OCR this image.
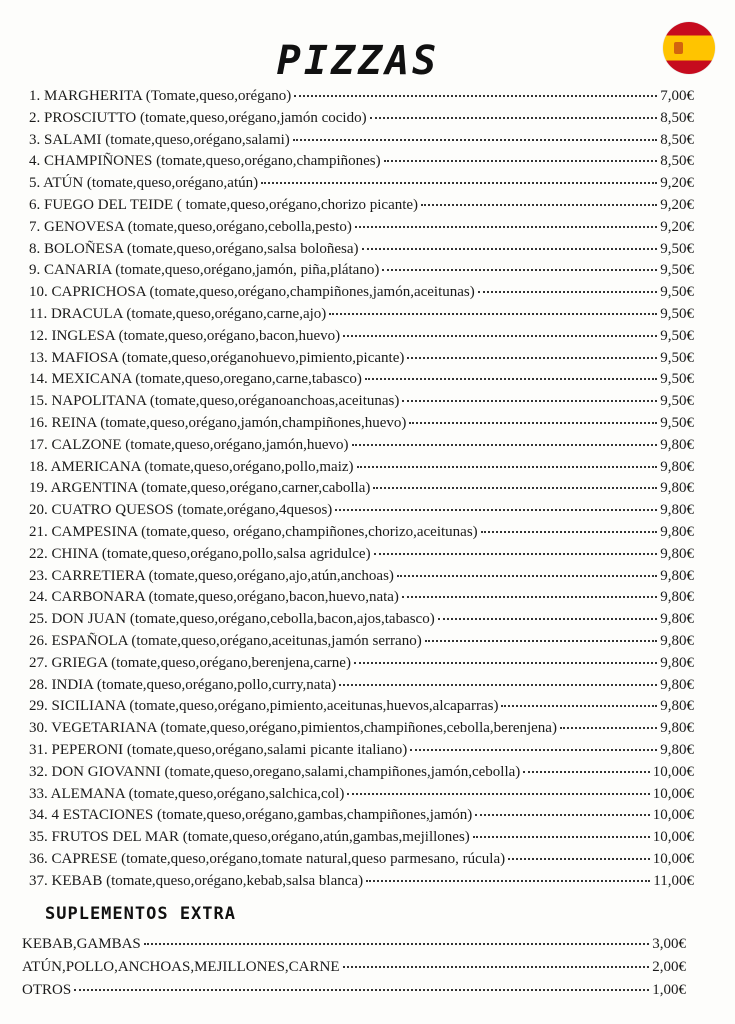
PIZZAS
1. MARGHERITA (Tomate,queso,orégano)	7,00€
2. PROSCIUTTO (tomate,queso,orégano,jamón cocido)	8,50€
3. SALAMI (tomate,queso,orégano,salami)	8,50€
4. CHAMPIÑONES (tomate,queso,orégano,champiñones)	8,50€
5. ATÚN (tomate,queso,orégano,atún)	9,20€
6. FUEGO DEL TEIDE ( tomate,queso,orégano,chorizo picante)	9,20€
7. GENOVESA (tomate,queso,orégano,cebolla,pesto)	9,20€
8. BOLOÑESA (tomate,queso,orégano,salsa boloñesa)	9,50€
9. CANARIA (tomate,queso,orégano,jamón, piña,plátano)	9,50€
10. CAPRICHOSA (tomate,queso,orégano,champiñones,jamón,aceitunas)	9,50€
11. DRACULA (tomate,queso,orégano,carne,ajo)	9,50€
12. INGLESA (tomate,queso,orégano,bacon,huevo)	9,50€
13. MAFIOSA (tomate,queso,oréganohuevo,pimiento,picante)	9,50€
14. MEXICANA (tomate,queso,oregano,carne,tabasco)	9,50€
15. NAPOLITANA (tomate,queso,oréganoanchoas,aceitunas)	9,50€
16. REINA (tomate,queso,orégano,jamón,champiñones,huevo)	9,50€
17. CALZONE (tomate,queso,orégano,jamón,huevo)	9,80€
18. AMERICANA (tomate,queso,orégano,pollo,maiz)	9,80€
19. ARGENTINA (tomate,queso,orégano,carner,cabolla)	9,80€
20. CUATRO QUESOS (tomate,orégano,4quesos)	9,80€
21. CAMPESINA (tomate,queso, orégano,champiñones,chorizo,aceitunas)	9,80€
22. CHINA (tomate,queso,orégano,pollo,salsa agridulce)	9,80€
23. CARRETIERA (tomate,queso,orégano,ajo,atún,anchoas)	9,80€
24. CARBONARA (tomate,queso,orégano,bacon,huevo,nata)	9,80€
25. DON JUAN (tomate,queso,orégano,cebolla,bacon,ajos,tabasco)	9,80€
26. ESPAÑOLA (tomate,queso,orégano,aceitunas,jamón serrano)	9,80€
27. GRIEGA (tomate,queso,orégano,berenjena,carne)	9,80€
28. INDIA (tomate,queso,orégano,pollo,curry,nata)	9,80€
29. SICILIANA (tomate,queso,orégano,pimiento,aceitunas,huevos,alcaparras)	9,80€
30. VEGETARIANA (tomate,queso,orégano,pimientos,champiñones,cebolla,berenjena)	9,80€
31. PEPERONI (tomate,queso,orégano,salami picante italiano)	9,80€
32. DON GIOVANNI (tomate,queso,oregano,salami,champiñones,jamón,cebolla)	10,00€
33. ALEMANA (tomate,queso,orégano,salchica,col)	10,00€
34. 4 ESTACIONES (tomate,queso,orégano,gambas,champiñones,jamón)	10,00€
35. FRUTOS DEL MAR (tomate,queso,orégano,atún,gambas,mejillones)	10,00€
36. CAPRESE (tomate,queso,orégano,tomate natural,queso parmesano, rúcula)	10,00€
37. KEBAB (tomate,queso,orégano,kebab,salsa blanca)	11,00€
SUPLEMENTOS EXTRA
KEBAB,GAMBAS	3,00€
ATÚN,POLLO,ANCHOAS,MEJILLONES,CARNE	2,00€
OTROS	1,00€
